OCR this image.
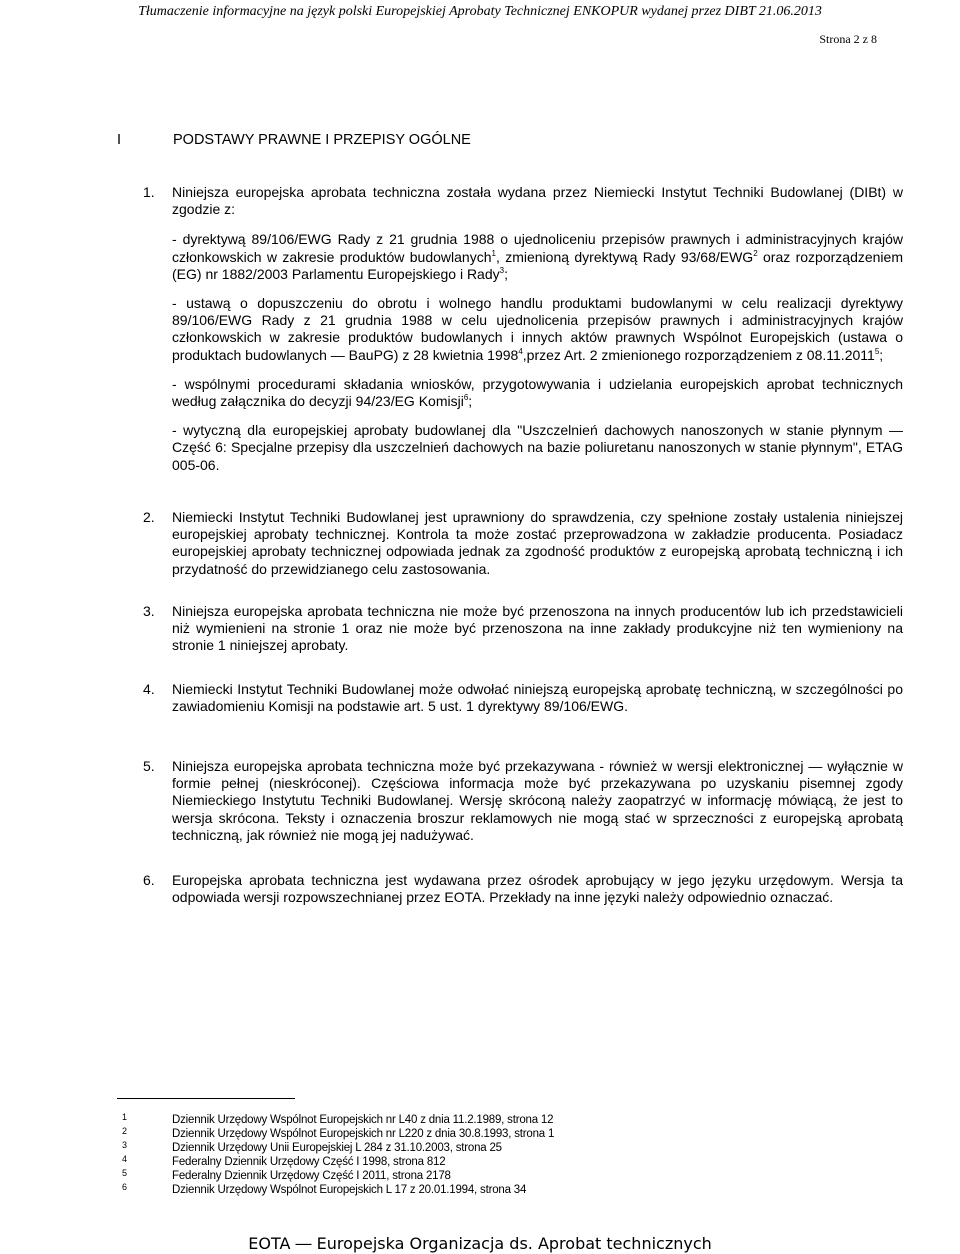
Tłumaczenie informacyjne na język polski Europejskiej Aprobaty Technicznej ENKOPUR wydanej przez DIBT 21.06.2013
Strona 2 z 8
I	PODSTAWY PRAWNE I PRZEPISY OGÓLNE
1. Niniejsza europejska aprobata techniczna została wydana przez Niemiecki Instytut Techniki Budowlanej (DIBt) w zgodzie z:
- dyrektywą 89/106/EWG Rady z 21 grudnia 1988 o ujednoliceniu przepisów prawnych i administracyjnych krajów członkowskich w zakresie produktów budowlanych$^1$, zmienioną dyrektywą Rady 93/68/EWG$^2$ oraz rozporządzeniem (EG) nr 1882/2003 Parlamentu Europejskiego i Rady$^3$;
- ustawą o dopuszczeniu do obrotu i wolnego handlu produktami budowlanymi w celu realizacji dyrektywy 89/106/EWG Rady z 21 grudnia 1988 w celu ujednolicenia przepisów prawnych i administracyjnych krajów członkowskich w zakresie produktów budowlanych i innych aktów prawnych Wspólnot Europejskich (ustawa o produktach budowlanych ― BauPG) z 28 kwietnia 1998$^4$,przez Art. 2 zmienionego rozporządzeniem z 08.11.2011$^5$;
- wspólnymi procedurami składania wniosków, przygotowywania i udzielania europejskich aprobat technicznych według załącznika do decyzji 94/23/EG Komisji$^6$;
- wytyczną dla europejskiej aprobaty budowlanej dla "Uszczelnień dachowych nanoszonych w stanie płynnym ― Część 6: Specjalne przepisy dla uszczelnień dachowych na bazie poliuretanu nanoszonych w stanie płynnym", ETAG 005-06.
2. Niemiecki Instytut Techniki Budowlanej jest uprawniony do sprawdzenia, czy spełnione zostały ustalenia niniejszej europejskiej aprobaty technicznej. Kontrola ta może zostać przeprowadzona w zakładzie producenta. Posiadacz europejskiej aprobaty technicznej odpowiada jednak za zgodność produktów z europejską aprobatą techniczną i ich przydatność do przewidzianego celu zastosowania.
3. Niniejsza europejska aprobata techniczna nie może być przenoszona na innych producentów lub ich przedstawicieli niż wymienieni na stronie 1 oraz nie może być przenoszona na inne zakłady produkcyjne niż ten wymieniony na stronie 1 niniejszej aprobaty.
4. Niemiecki Instytut Techniki Budowlanej może odwołać niniejszą europejską aprobatę techniczną, w szczególności po zawiadomieniu Komisji na podstawie art. 5 ust. 1 dyrektywy 89/106/EWG.
5. Niniejsza europejska aprobata techniczna może być przekazywana - również w wersji elektronicznej ― wyłącznie w formie pełnej (nieskróconej). Częściowa informacja może być przekazywana po uzyskaniu pisemnej zgody Niemieckiego Instytutu Techniki Budowlanej. Wersję skróconą należy zaopatrzyć w informację mówiącą, że jest to wersja skrócona. Teksty i oznaczenia broszur reklamowych nie mogą stać w sprzeczności z europejską aprobatą techniczną, jak również nie mogą jej nadużywać.
6. Europejska aprobata techniczna jest wydawana przez ośrodek aprobujący w jego języku urzędowym. Wersja ta odpowiada wersji rozpowszechnianej przez EOTA. Przekłady na inne języki należy odpowiednio oznaczać.
1	Dziennik Urzędowy Wspólnot Europejskich nr L40 z dnia 11.2.1989, strona 12
2	Dziennik Urzędowy Wspólnot Europejskich nr L220 z dnia 30.8.1993, strona 1
3	Dziennik Urzędowy Unii Europejskiej L 284 z 31.10.2003, strona 25
4	Federalny Dziennik Urzędowy Część I 1998, strona 812
5	Federalny Dziennik Urzędowy Część I 2011, strona 2178
6	Dziennik Urzędowy Wspólnot Europejskich L 17 z 20.01.1994, strona 34
EOTA ― Europejska Organizacja ds. Aprobat technicznych
